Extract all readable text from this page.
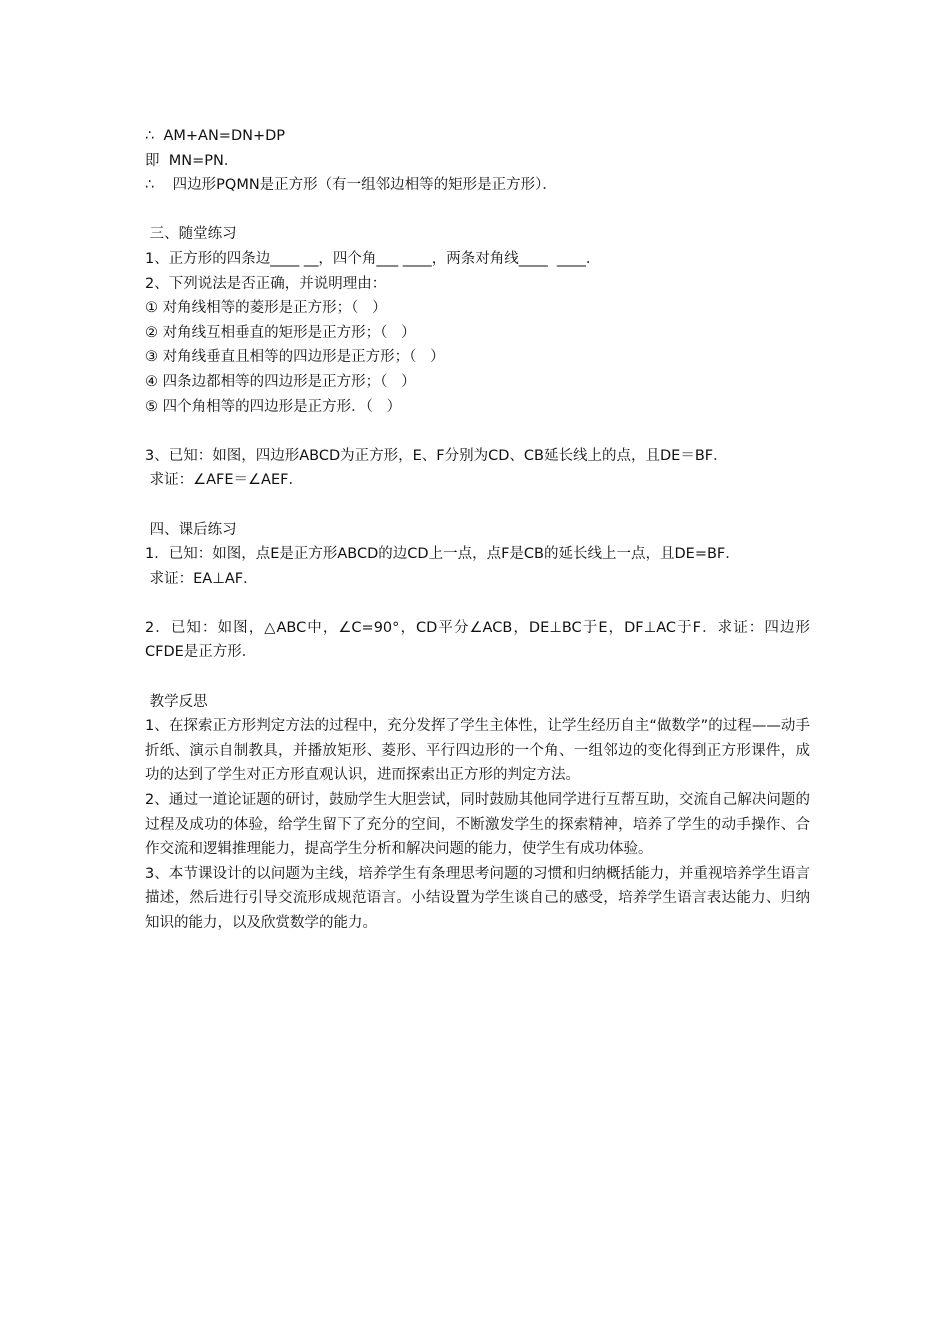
∴  AM+AN=DN+DP

即  MN=PN．

∴    四边形PQMN是正方形（有一组邻边相等的矩形是正方形）．

三、随堂练习

1、正方形的四条边____ __，四个角___ ____，两条对角线____  ____．

2、下列说法是否正确，并说明理由：

① 对角线相等的菱形是正方形；（   ）

② 对角线互相垂直的矩形是正方形；（   ）

③ 对角线垂直且相等的四边形是正方形；（   ）

④ 四条边都相等的四边形是正方形；（   ）

⑤ 四个角相等的四边形是正方形．（   ）

3、已知：如图，四边形ABCD为正方形，E、F分别为CD、CB延长线上的点，且DE＝BF．

求证：∠AFE＝∠AEF．

四、课后练习

1．已知：如图，点E是正方形ABCD的边CD上一点，点F是CB的延长线上一点，且DE=BF．

求证：EA⊥AF．

2．已知：如图，△ABC中，∠C=90°，CD平分∠ACB，DE⊥BC于E，DF⊥AC于F．求证：四边形CFDE是正方形．

教学反思

1、在探索正方形判定方法的过程中，充分发挥了学生主体性，让学生经历自主“做数学”的过程——动手折纸、演示自制教具，并播放矩形、菱形、平行四边形的一个角、一组邻边的变化得到正方形课件，成功的达到了学生对正方形直观认识，进而探索出正方形的判定方法。

2、通过一道论证题的研讨，鼓励学生大胆尝试，同时鼓励其他同学进行互帮互助，交流自己解决问题的过程及成功的体验，给学生留下了充分的空间，不断激发学生的探索精神，培养了学生的动手操作、合作交流和逻辑推理能力，提高学生分析和解决问题的能力，使学生有成功体验。

3、本节课设计的以问题为主线，培养学生有条理思考问题的习惯和归纳概括能力，并重视培养学生语言描述，然后进行引导交流形成规范语言。小结设置为学生谈自己的感受，培养学生语言表达能力、归纳知识的能力，以及欣赏数学的能力。
